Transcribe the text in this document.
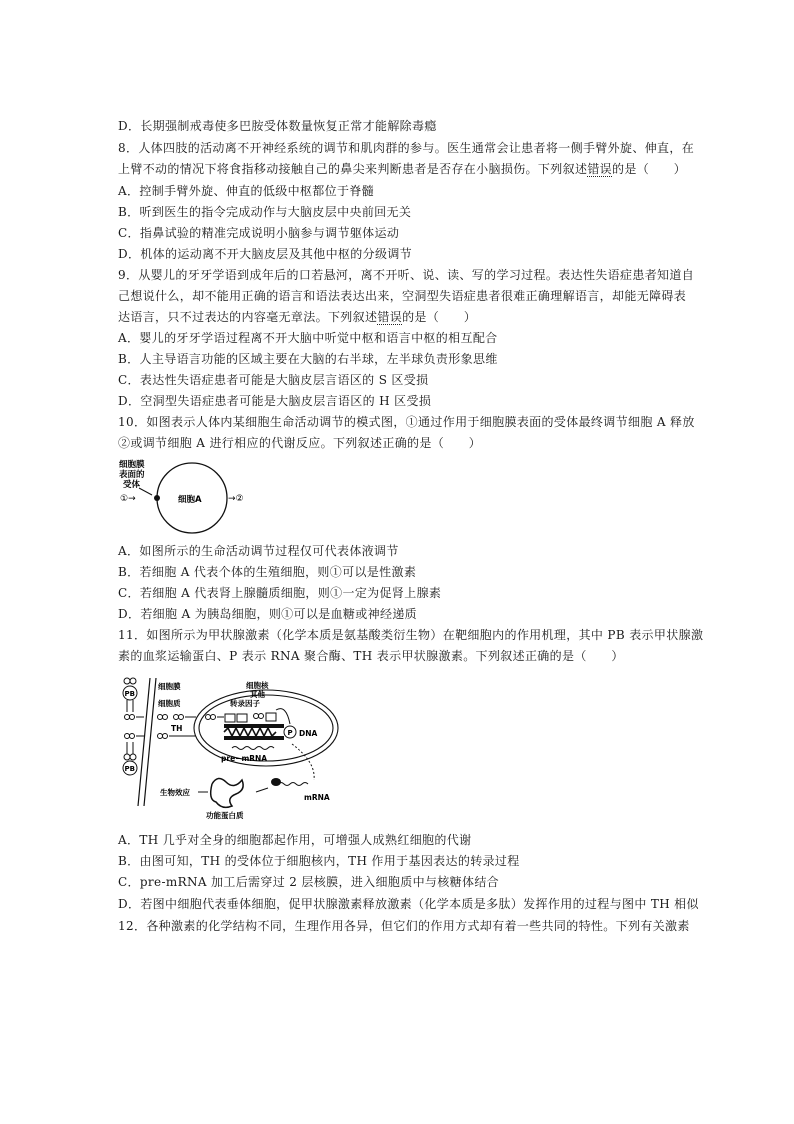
D．长期强制戒毒使多巴胺受体数量恢复正常才能解除毒瘾
8．人体四肢的活动离不开神经系统的调节和肌肉群的参与。医生通常会让患者将一侧手臂外旋、伸直，在
上臂不动的情况下将食指移动接触自己的鼻尖来判断患者是否存在小脑损伤。下列叙述错误的是（　　）
A．控制手臂外旋、伸直的低级中枢都位于脊髓
B．听到医生的指令完成动作与大脑皮层中央前回无关
C．指鼻试验的精准完成说明小脑参与调节躯体运动
D．机体的运动离不开大脑皮层及其他中枢的分级调节
9．从婴儿的牙牙学语到成年后的口若悬河，离不开听、说、读、写的学习过程。表达性失语症患者知道自
己想说什么，却不能用正确的语言和语法表达出来，空洞型失语症患者很难正确理解语言，却能无障碍表
达语言，只不过表达的内容毫无章法。下列叙述错误的是（　　）
A．婴儿的牙牙学语过程离不开大脑中听觉中枢和语言中枢的相互配合
B．人主导语言功能的区域主要在大脑的右半球，左半球负责形象思维
C．表达性失语症患者可能是大脑皮层言语区的 S 区受损
D．空洞型失语症患者可能是大脑皮层言语区的 H 区受损
10．如图表示人体内某细胞生命活动调节的模式图，①通过作用于细胞膜表面的受体最终调节细胞 A 释放
②或调节细胞 A 进行相应的代谢反应。下列叙述正确的是（　　）
细胞膜
表面的
受体
①→	细胞A	→②
A．如图所示的生命活动调节过程仅可代表体液调节
B．若细胞 A 代表个体的生殖细胞，则①可以是性激素
C．若细胞 A 代表肾上腺髓质细胞，则①一定为促肾上腺素
D．若细胞 A 为胰岛细胞，则①可以是血糖或神经递质
11．如图所示为甲状腺激素（化学本质是氨基酸类衍生物）在靶细胞内的作用机理，其中 PB 表示甲状腺激
素的血浆运输蛋白、P 表示 RNA 聚合酶、TH 表示甲状腺激素。下列叙述正确的是（　　）
PB
PB
细胞膜
细胞质
TH
细胞核
其他
转录因子
P DNA
pre−mRNA
mRNA
功能蛋白质
生物效应
A．TH 几乎对全身的细胞都起作用，可增强人成熟红细胞的代谢
B．由图可知，TH 的受体位于细胞核内，TH 作用于基因表达的转录过程
C．pre-mRNA 加工后需穿过 2 层核膜，进入细胞质中与核糖体结合
D．若图中细胞代表垂体细胞，促甲状腺激素释放激素（化学本质是多肽）发挥作用的过程与图中 TH 相似
12．各种激素的化学结构不同，生理作用各异，但它们的作用方式却有着一些共同的特性。下列有关激素
